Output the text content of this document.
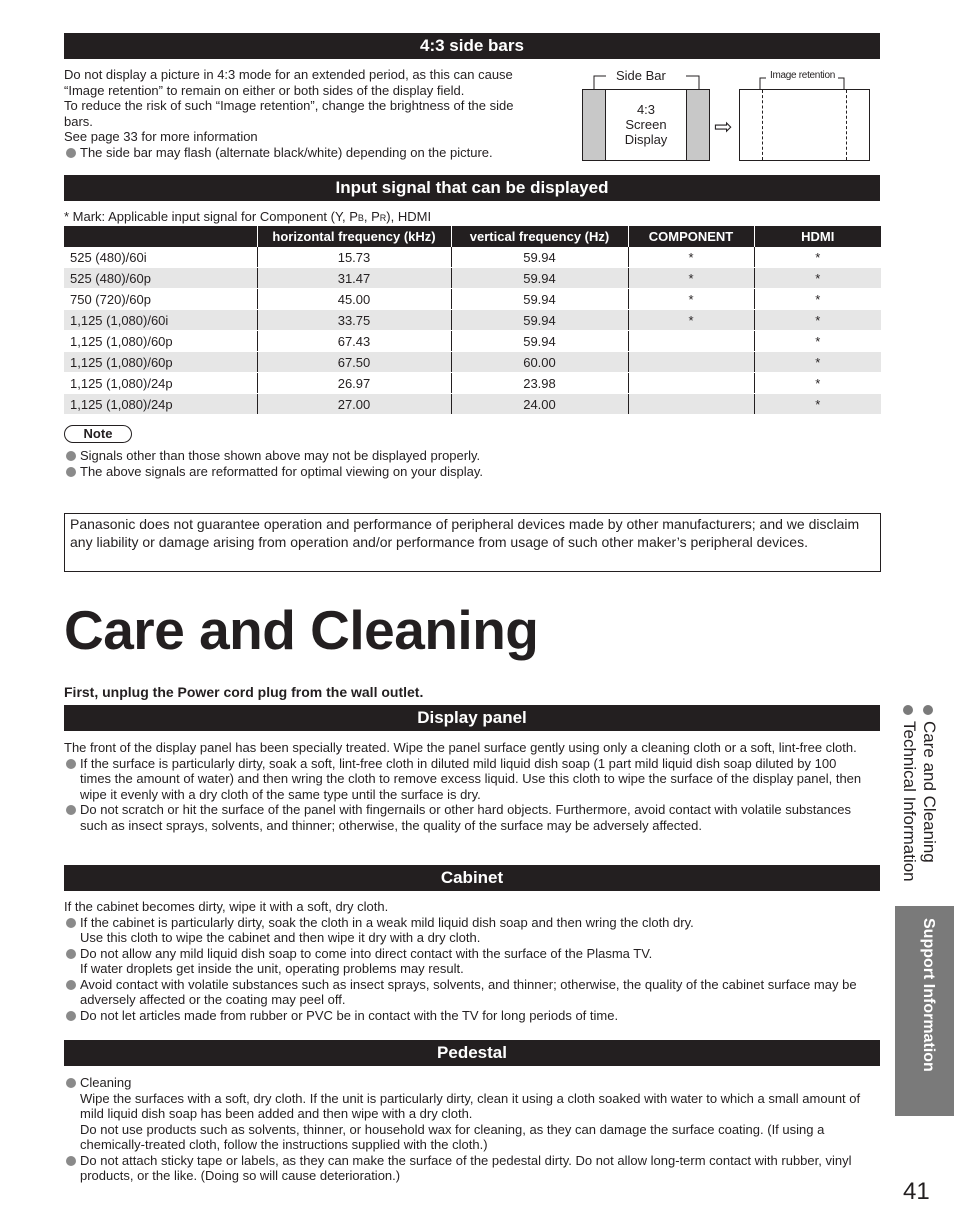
4:3 side bars

Do not display a picture in 4:3 mode for an extended period, as this can cause

“Image retention” to remain on either or both sides of the display field.

To reduce the risk of such “Image retention”, change the brightness of the side

bars.

See page 33 for more information

The side bar may flash (alternate black/white) depending on the picture.

Side Bar	Image retention
4:3
Screen
Display
⇨
Input signal that can be displayed
* Mark: Applicable input signal for Component (Y, PB, PR), HDMI
	horizontal frequency (kHz)	vertical frequency (Hz)	COMPONENT	HDMI
525 (480)/60i	15.73	59.94	*	*
525 (480)/60p	31.47	59.94	*	*
750 (720)/60p	45.00	59.94	*	*
1,125 (1,080)/60i	33.75	59.94	*	*
1,125 (1,080)/60p	67.43	59.94		*
1,125 (1,080)/60p	67.50	60.00		*
1,125 (1,080)/24p	26.97	23.98		*
1,125 (1,080)/24p	27.00	24.00		*
Note

Signals other than those shown above may not be displayed properly.

The above signals are reformatted for optimal viewing on your display.

Panasonic does not guarantee operation and performance of peripheral devices made by other manufacturers; and we disclaim any liability or damage arising from operation and/or performance from usage of such other maker’s peripheral devices.
Care and Cleaning
First, unplug the Power cord plug from the wall outlet.
Display panel

The front of the display panel has been specially treated. Wipe the panel surface gently using only a cleaning cloth or a soft, lint-free cloth.

If the surface is particularly dirty, soak a soft, lint-free cloth in diluted mild liquid dish soap (1 part mild liquid dish soap diluted by 100 times the amount of water) and then wring the cloth to remove excess liquid. Use this cloth to wipe the surface of the display panel, then wipe it evenly with a dry cloth of the same type until the surface is dry.

Do not scratch or hit the surface of the panel with fingernails or other hard objects. Furthermore, avoid contact with volatile substances such as insect sprays, solvents, and thinner; otherwise, the quality of the surface may be adversely affected.

Cabinet

If the cabinet becomes dirty, wipe it with a soft, dry cloth.

If the cabinet is particularly dirty, soak the cloth in a weak mild liquid dish soap and then wring the cloth dry.

Use this cloth to wipe the cabinet and then wipe it dry with a dry cloth.

Do not allow any mild liquid dish soap to come into direct contact with the surface of the Plasma TV.

If water droplets get inside the unit, operating problems may result.

Avoid contact with volatile substances such as insect sprays, solvents, and thinner; otherwise, the quality of the cabinet surface may be adversely affected or the coating may peel off.

Do not let articles made from rubber or PVC be in contact with the TV for long periods of time.

Pedestal

Cleaning

Wipe the surfaces with a soft, dry cloth. If the unit is particularly dirty, clean it using a cloth soaked with water to which a small amount of mild liquid dish soap has been added and then wipe with a dry cloth.

Do not use products such as solvents, thinner, or household wax for cleaning, as they can damage the surface coating. (If using a chemically-treated cloth, follow the instructions supplied with the cloth.)

Do not attach sticky tape or labels, as they can make the surface of the pedestal dirty. Do not allow long-term contact with rubber, vinyl products, or the like. (Doing so will cause deterioration.)

Care and Cleaning
Technical Information
Support Information
41
